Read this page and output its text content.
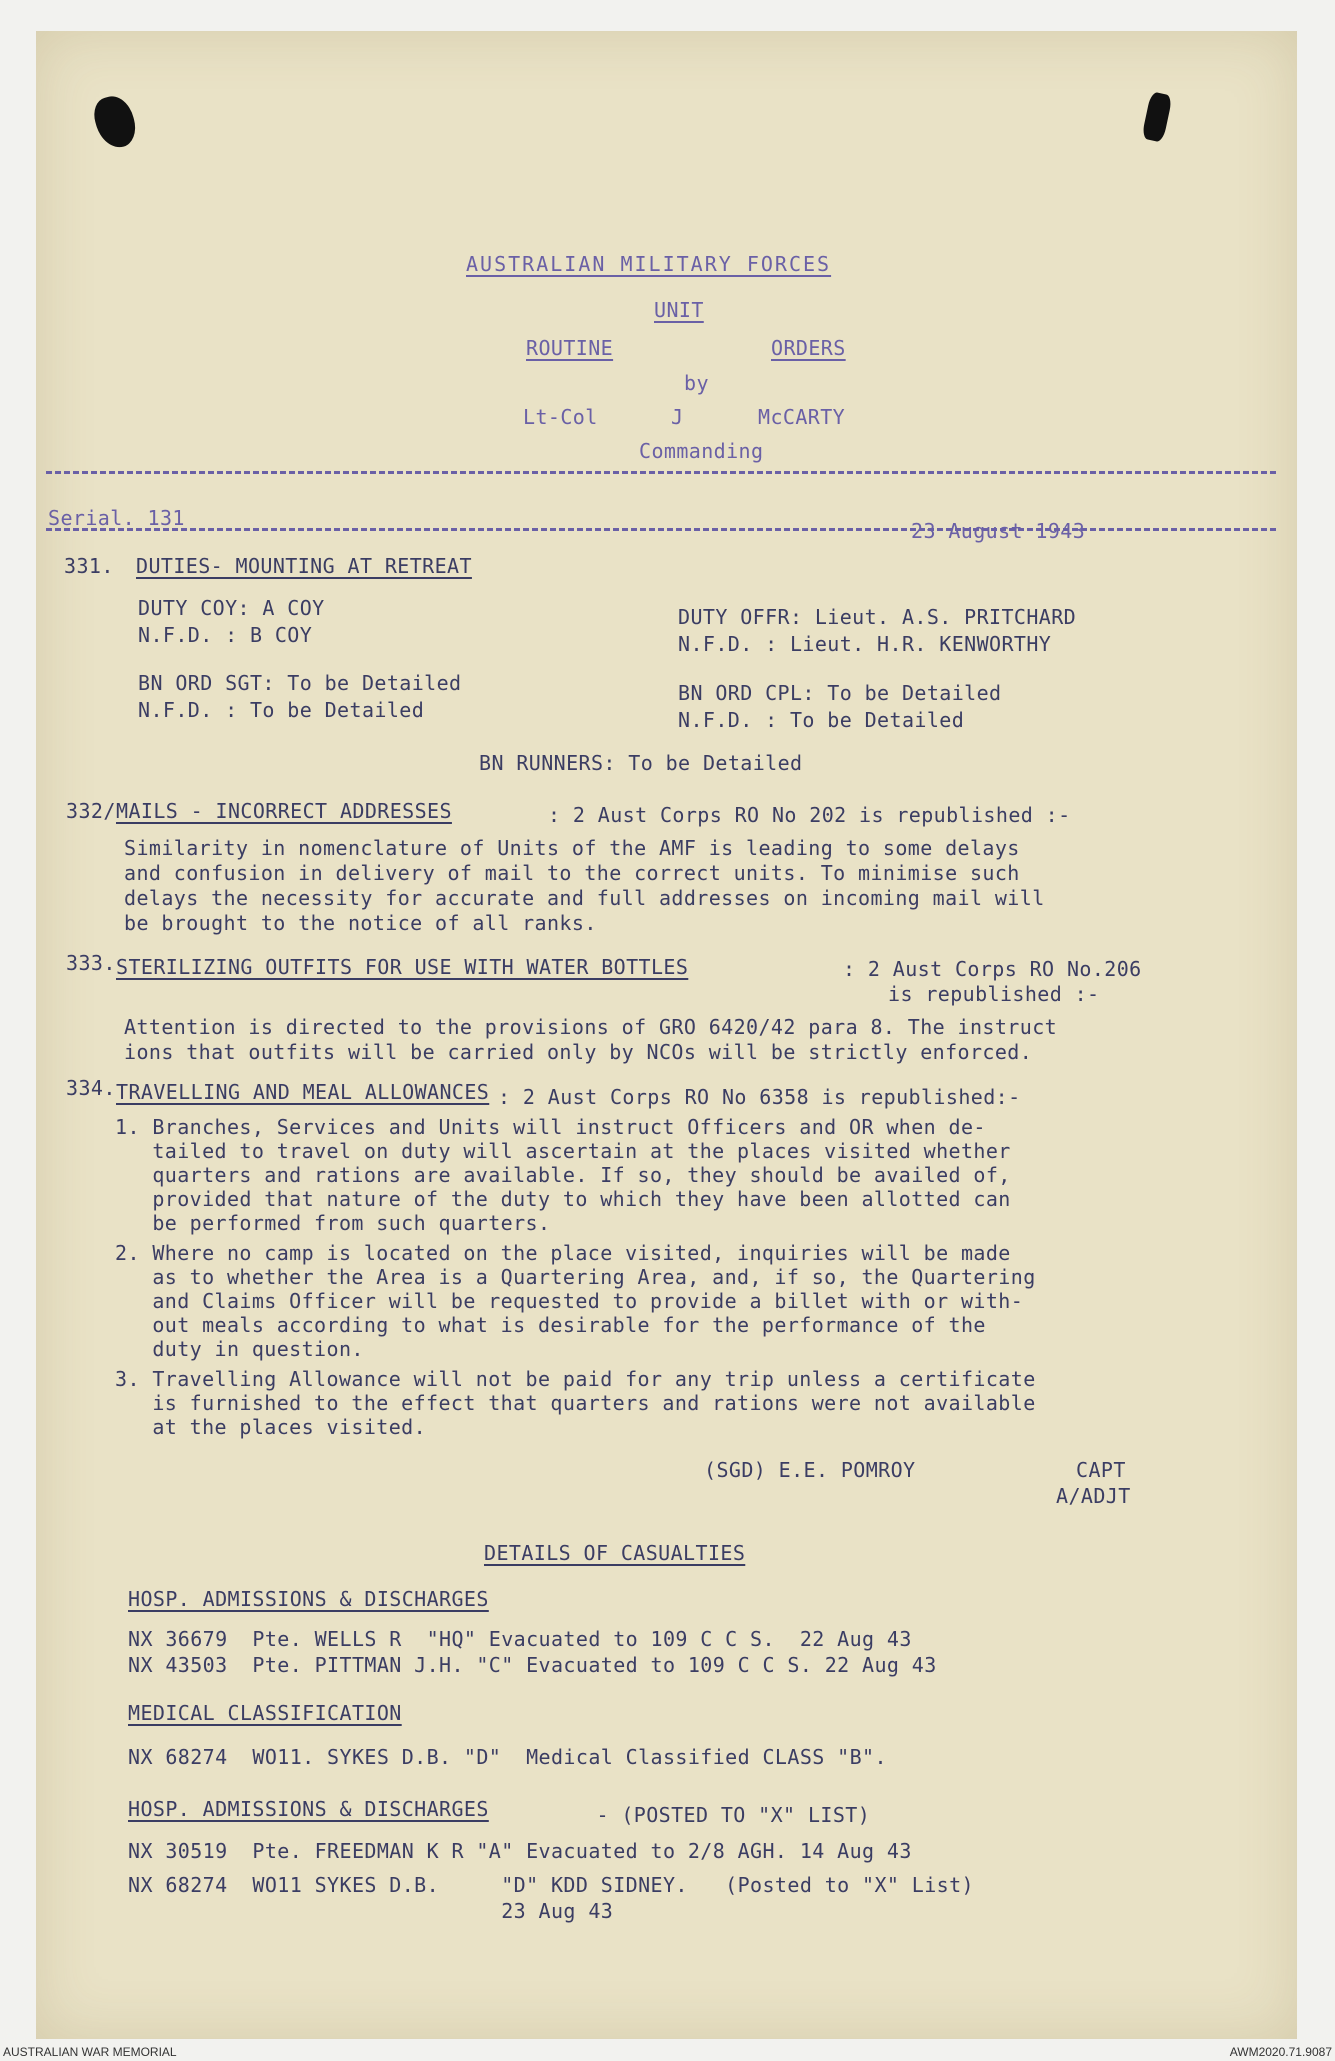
AUSTRALIAN MILITARY FORCES
UNIT
ROUTINE	ORDERS
by
Lt-Col	J	McCARTY
Commanding
Serial. 131
23 August 1943
331. DUTIES- MOUNTING AT RETREAT
DUTY COY: A COY
N.F.D. : B COY
DUTY OFFR: Lieut. A.S. PRITCHARD
N.F.D. : Lieut. H.R. KENWORTHY
BN ORD SGT: To be Detailed
N.F.D. : To be Detailed
BN ORD CPL: To be Detailed
N.F.D. : To be Detailed
BN RUNNERS: To be Detailed
332/ MAILS - INCORRECT ADDRESSES	: 2 Aust Corps RO No 202 is republished :-
Similarity in nomenclature of Units of the AMF is leading to some delays
and confusion in delivery of mail to the correct units. To minimise such
delays the necessity for accurate and full addresses on incoming mail will
be brought to the notice of all ranks.
333. STERILIZING OUTFITS FOR USE WITH WATER BOTTLES	: 2 Aust Corps RO No.206
is republished :-
Attention is directed to the provisions of GRO 6420/42 para 8. The instruct
ions that outfits will be carried only by NCOs will be strictly enforced.
334. TRAVELLING AND MEAL ALLOWANCES : 2 Aust Corps RO No 6358 is republished:-
1. Branches, Services and Units will instruct Officers and OR when de-
tailed to travel on duty will ascertain at the places visited whether
quarters and rations are available. If so, they should be availed of,
provided that nature of the duty to which they have been allotted can
be performed from such quarters.
2. Where no camp is located on the place visited, inquiries will be made
as to whether the Area is a Quartering Area, and, if so, the Quartering
and Claims Officer will be requested to provide a billet with or with-
out meals according to what is desirable for the performance of the
duty in question.
3. Travelling Allowance will not be paid for any trip unless a certificate
is furnished to the effect that quarters and rations were not available
at the places visited.
(SGD) E.E. POMROY	CAPT
A/ADJT
DETAILS OF CASUALTIES
HOSP. ADMISSIONS & DISCHARGES
NX 36679  Pte. WELLS R  "HQ" Evacuated to 109 C C S.  22 Aug 43
NX 43503  Pte. PITTMAN J.H. "C" Evacuated to 109 C C S. 22 Aug 43
MEDICAL CLASSIFICATION
NX 68274  WO11. SYKES D.B. "D"  Medical Classified CLASS "B".
HOSP. ADMISSIONS & DISCHARGES	- (POSTED TO "X" LIST)
NX 30519  Pte. FREEDMAN K R "A" Evacuated to 2/8 AGH. 14 Aug 43
NX 68274  WO11 SYKES D.B.     "D" KDD SIDNEY.   (Posted to "X" List)
23 Aug 43
AUSTRALIAN WAR MEMORIAL	AWM2020.71.9087
